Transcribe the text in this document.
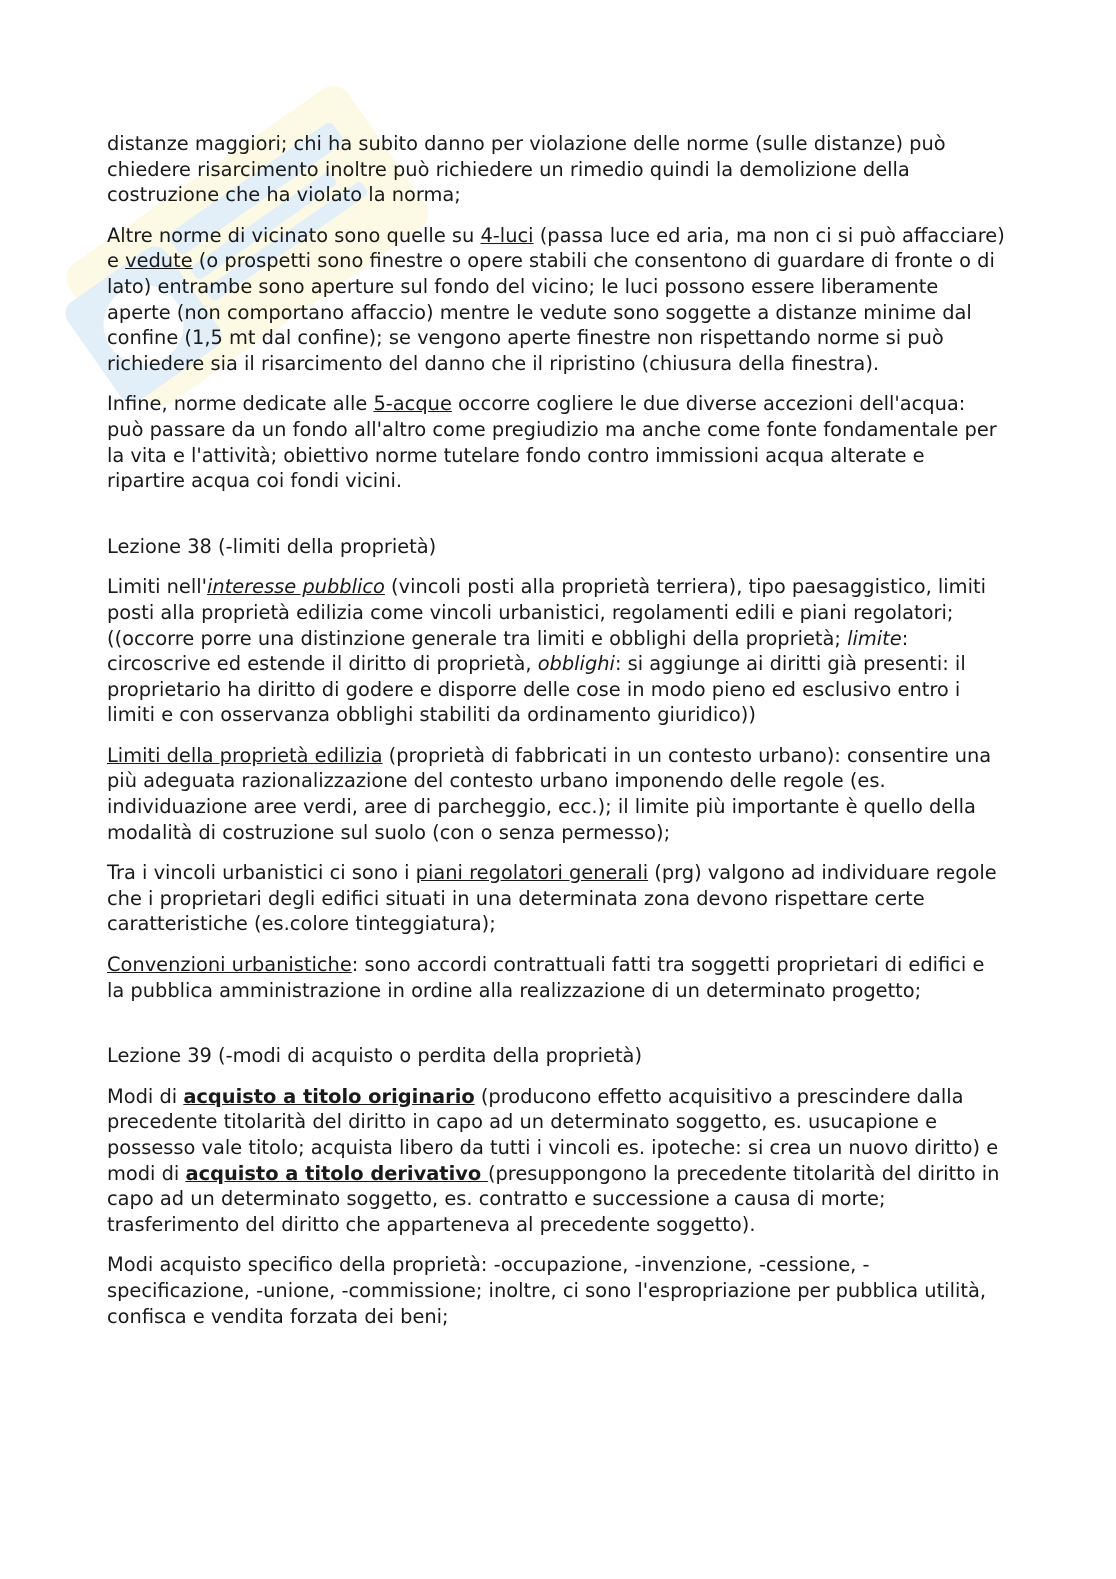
distanze maggiori; chi ha subito danno per violazione delle norme (sulle distanze) può chiedere risarcimento inoltre può richiedere un rimedio quindi la demolizione della costruzione che ha violato la norma;

Altre norme di vicinato sono quelle su 4-luci (passa luce ed aria, ma non ci si può affacciare) e vedute (o prospetti sono finestre o opere stabili che consentono di guardare di fronte o di lato) entrambe sono aperture sul fondo del vicino; le luci possono essere liberamente aperte (non comportano affaccio) mentre le vedute sono soggette a distanze minime dal confine (1,5 mt dal confine); se vengono aperte finestre non rispettando norme si può richiedere sia il risarcimento del danno che il ripristino (chiusura della finestra).

Infine, norme dedicate alle 5-acque occorre cogliere le due diverse accezioni dell'acqua: può passare da un fondo all'altro come pregiudizio ma anche come fonte fondamentale per la vita e l'attività; obiettivo norme tutelare fondo contro immissioni acqua alterate e ripartire acqua coi fondi vicini.

Lezione 38 (-limiti della proprietà)

Limiti nell'interesse pubblico (vincoli posti alla proprietà terriera), tipo paesaggistico, limiti posti alla proprietà edilizia come vincoli urbanistici, regolamenti edili e piani regolatori; ((occorre porre una distinzione generale tra limiti e obblighi della proprietà; limite: circoscrive ed estende il diritto di proprietà, obblighi: si aggiunge ai diritti già presenti: il proprietario ha diritto di godere e disporre delle cose in modo pieno ed esclusivo entro i limiti e con osservanza obblighi stabiliti da ordinamento giuridico))

Limiti della proprietà edilizia (proprietà di fabbricati in un contesto urbano): consentire una più adeguata razionalizzazione del contesto urbano imponendo delle regole (es. individuazione aree verdi, aree di parcheggio, ecc.); il limite più importante è quello della modalità di costruzione sul suolo (con o senza permesso);

Tra i vincoli urbanistici ci sono i piani regolatori generali (prg) valgono ad individuare regole che i proprietari degli edifici situati in una determinata zona devono rispettare certe caratteristiche (es.colore tinteggiatura);

Convenzioni urbanistiche: sono accordi contrattuali fatti tra soggetti proprietari di edifici e la pubblica amministrazione in ordine alla realizzazione di un determinato progetto;

Lezione 39 (-modi di acquisto o perdita della proprietà)

Modi di acquisto a titolo originario (producono effetto acquisitivo a prescindere dalla precedente titolarità del diritto in capo ad un determinato soggetto, es. usucapione e possesso vale titolo; acquista libero da tutti i vincoli es. ipoteche: si crea un nuovo diritto) e modi di acquisto a titolo derivativo (presuppongono la precedente titolarità del diritto in capo ad un determinato soggetto, es. contratto e successione a causa di morte; trasferimento del diritto che apparteneva al precedente soggetto).

Modi acquisto specifico della proprietà: -occupazione, -invenzione, -cessione, -specificazione, -unione, -commissione; inoltre, ci sono l'espropriazione per pubblica utilità, confisca e vendita forzata dei beni;
